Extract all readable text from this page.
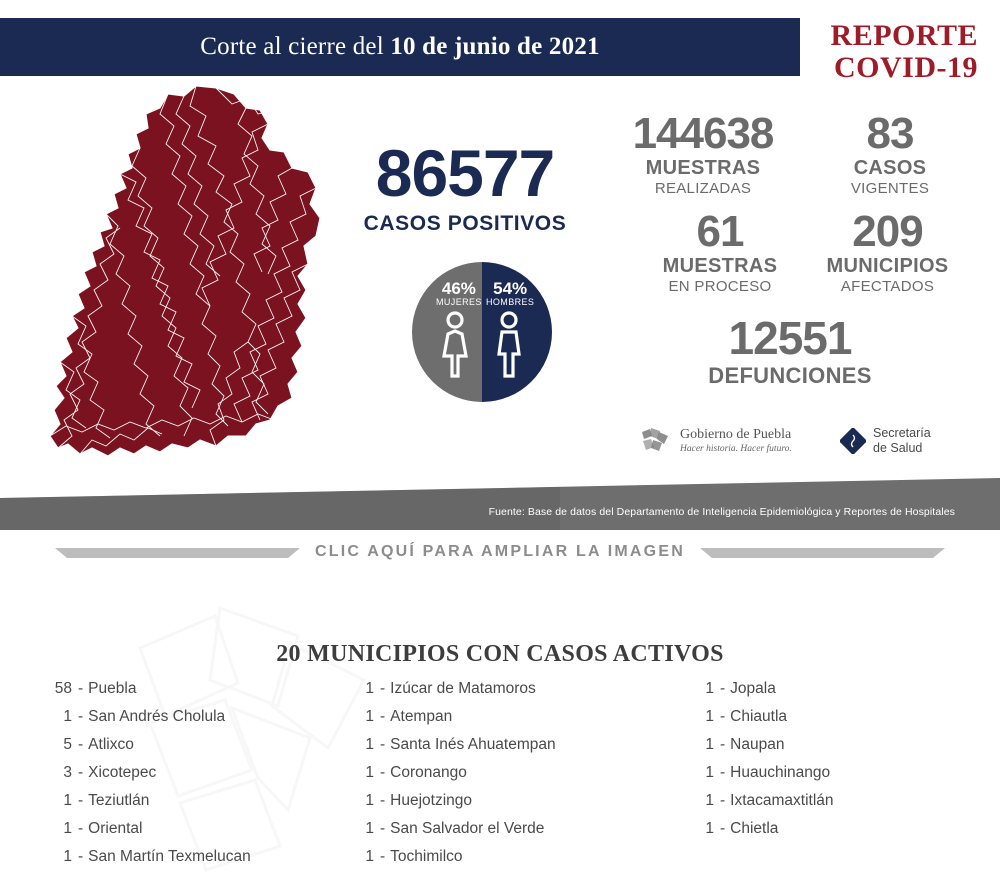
Corte al cierre del 10 de junio de 2021	REPORTE
COVID-19
86577
CASOS POSITIVOS
46%
MUJERES
54%
HOMBRES
144638
MUESTRAS
REALIZADAS
83
CASOS
VIGENTES
61
MUESTRAS
EN PROCESO
209
MUNICIPIOS
AFECTADOS
12551
DEFUNCIONES
Gobierno de Puebla
Hacer historia. Hacer futuro.
Secretaría
de Salud
Fuente: Base de datos del Departamento de Inteligencia Epidemiológica y Reportes de Hospitales
CLIC AQUÍ PARA AMPLIAR LA IMAGEN
20 MUNICIPIOS CON CASOS ACTIVOS
58 - Puebla
1 - San Andrés Cholula
5 - Atlixco
3 - Xicotepec
1 - Teziutlán
1 - Oriental
1 - San Martín Texmelucan
1 - Izúcar de Matamoros
1 - Atempan
1 - Santa Inés Ahuatempan
1 - Coronango
1 - Huejotzingo
1 - San Salvador el Verde
1 - Tochimilco
1 - Jopala
1 - Chiautla
1 - Naupan
1 - Huauchinango
1 - Ixtacamaxtitlán
1 - Chietla
